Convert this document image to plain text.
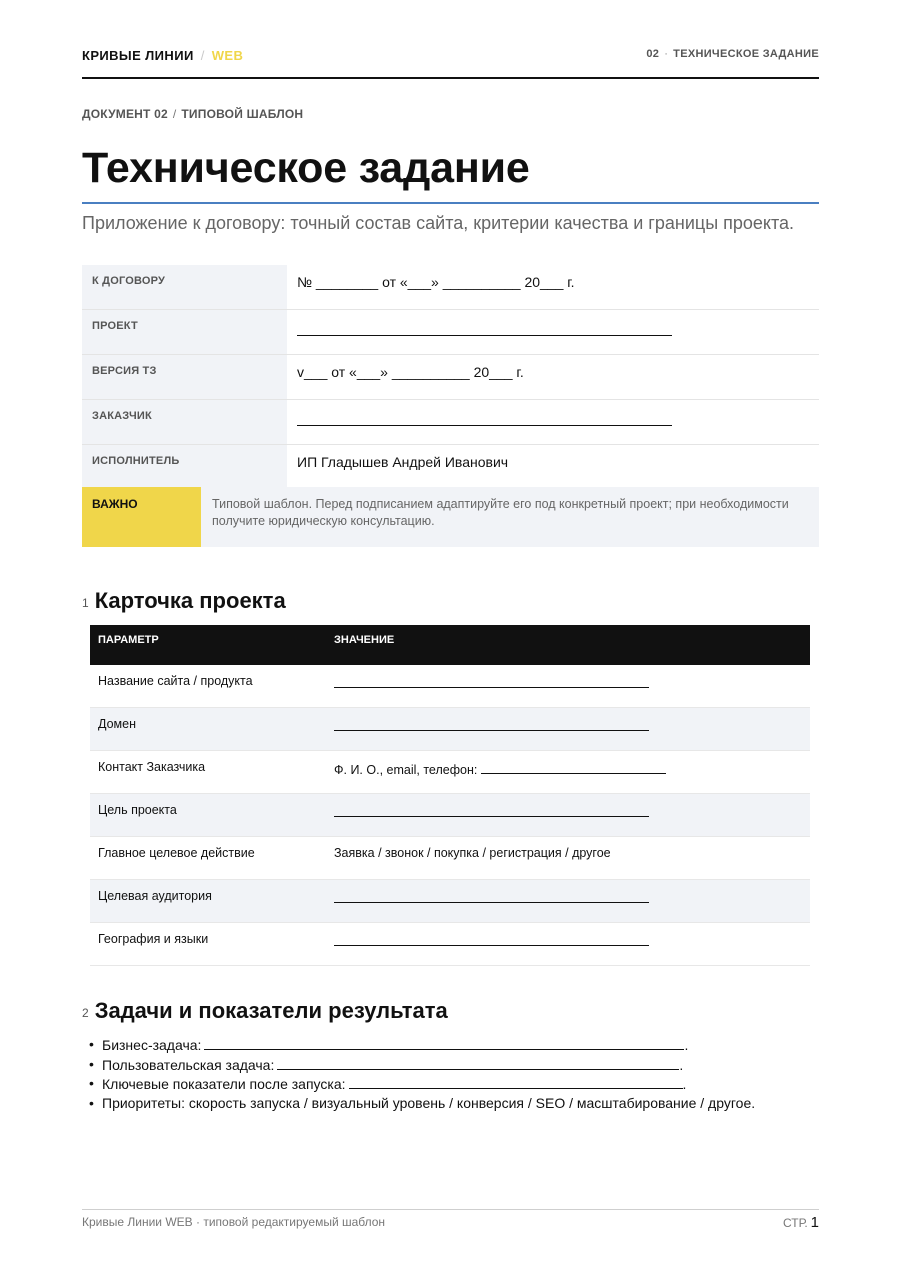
КРИВЫЕ ЛИНИИ / WEB	02 · ТЕХНИЧЕСКОЕ ЗАДАНИЕ
ДОКУМЕНТ 02 / ТИПОВОЙ ШАБЛОН
Техническое задание
Приложение к договору: точный состав сайта, критерии качества и границы проекта.
К ДОГОВОРУ	№ ________ от «___» __________ 20___ г.
ПРОЕКТ
ВЕРСИЯ ТЗ	v___ от «___» __________ 20___ г.
ЗАКАЗЧИК
ИСПОЛНИТЕЛЬ	ИП Гладышев Андрей Иванович
ВАЖНО	Типовой шаблон. Перед подписанием адаптируйте его под конкретный проект; при необходимости получите юридическую консультацию.
1 Карточка проекта
ПАРАМЕТР	ЗНАЧЕНИЕ
Название сайта / продукта
Домен
Контакт Заказчика	Ф. И. О., email, телефон:
Цель проекта
Главное целевое действие	Заявка / звонок / покупка / регистрация / другое
Целевая аудитория
География и языки
2 Задачи и показатели результата
• Бизнес-задача:	.
• Пользовательская задача:	.
• Ключевые показатели после запуска:	.
• Приоритеты: скорость запуска / визуальный уровень / конверсия / SEO / масштабирование / другое.
Кривые Линии WEB · типовой редактируемый шаблон	СТР. 1
